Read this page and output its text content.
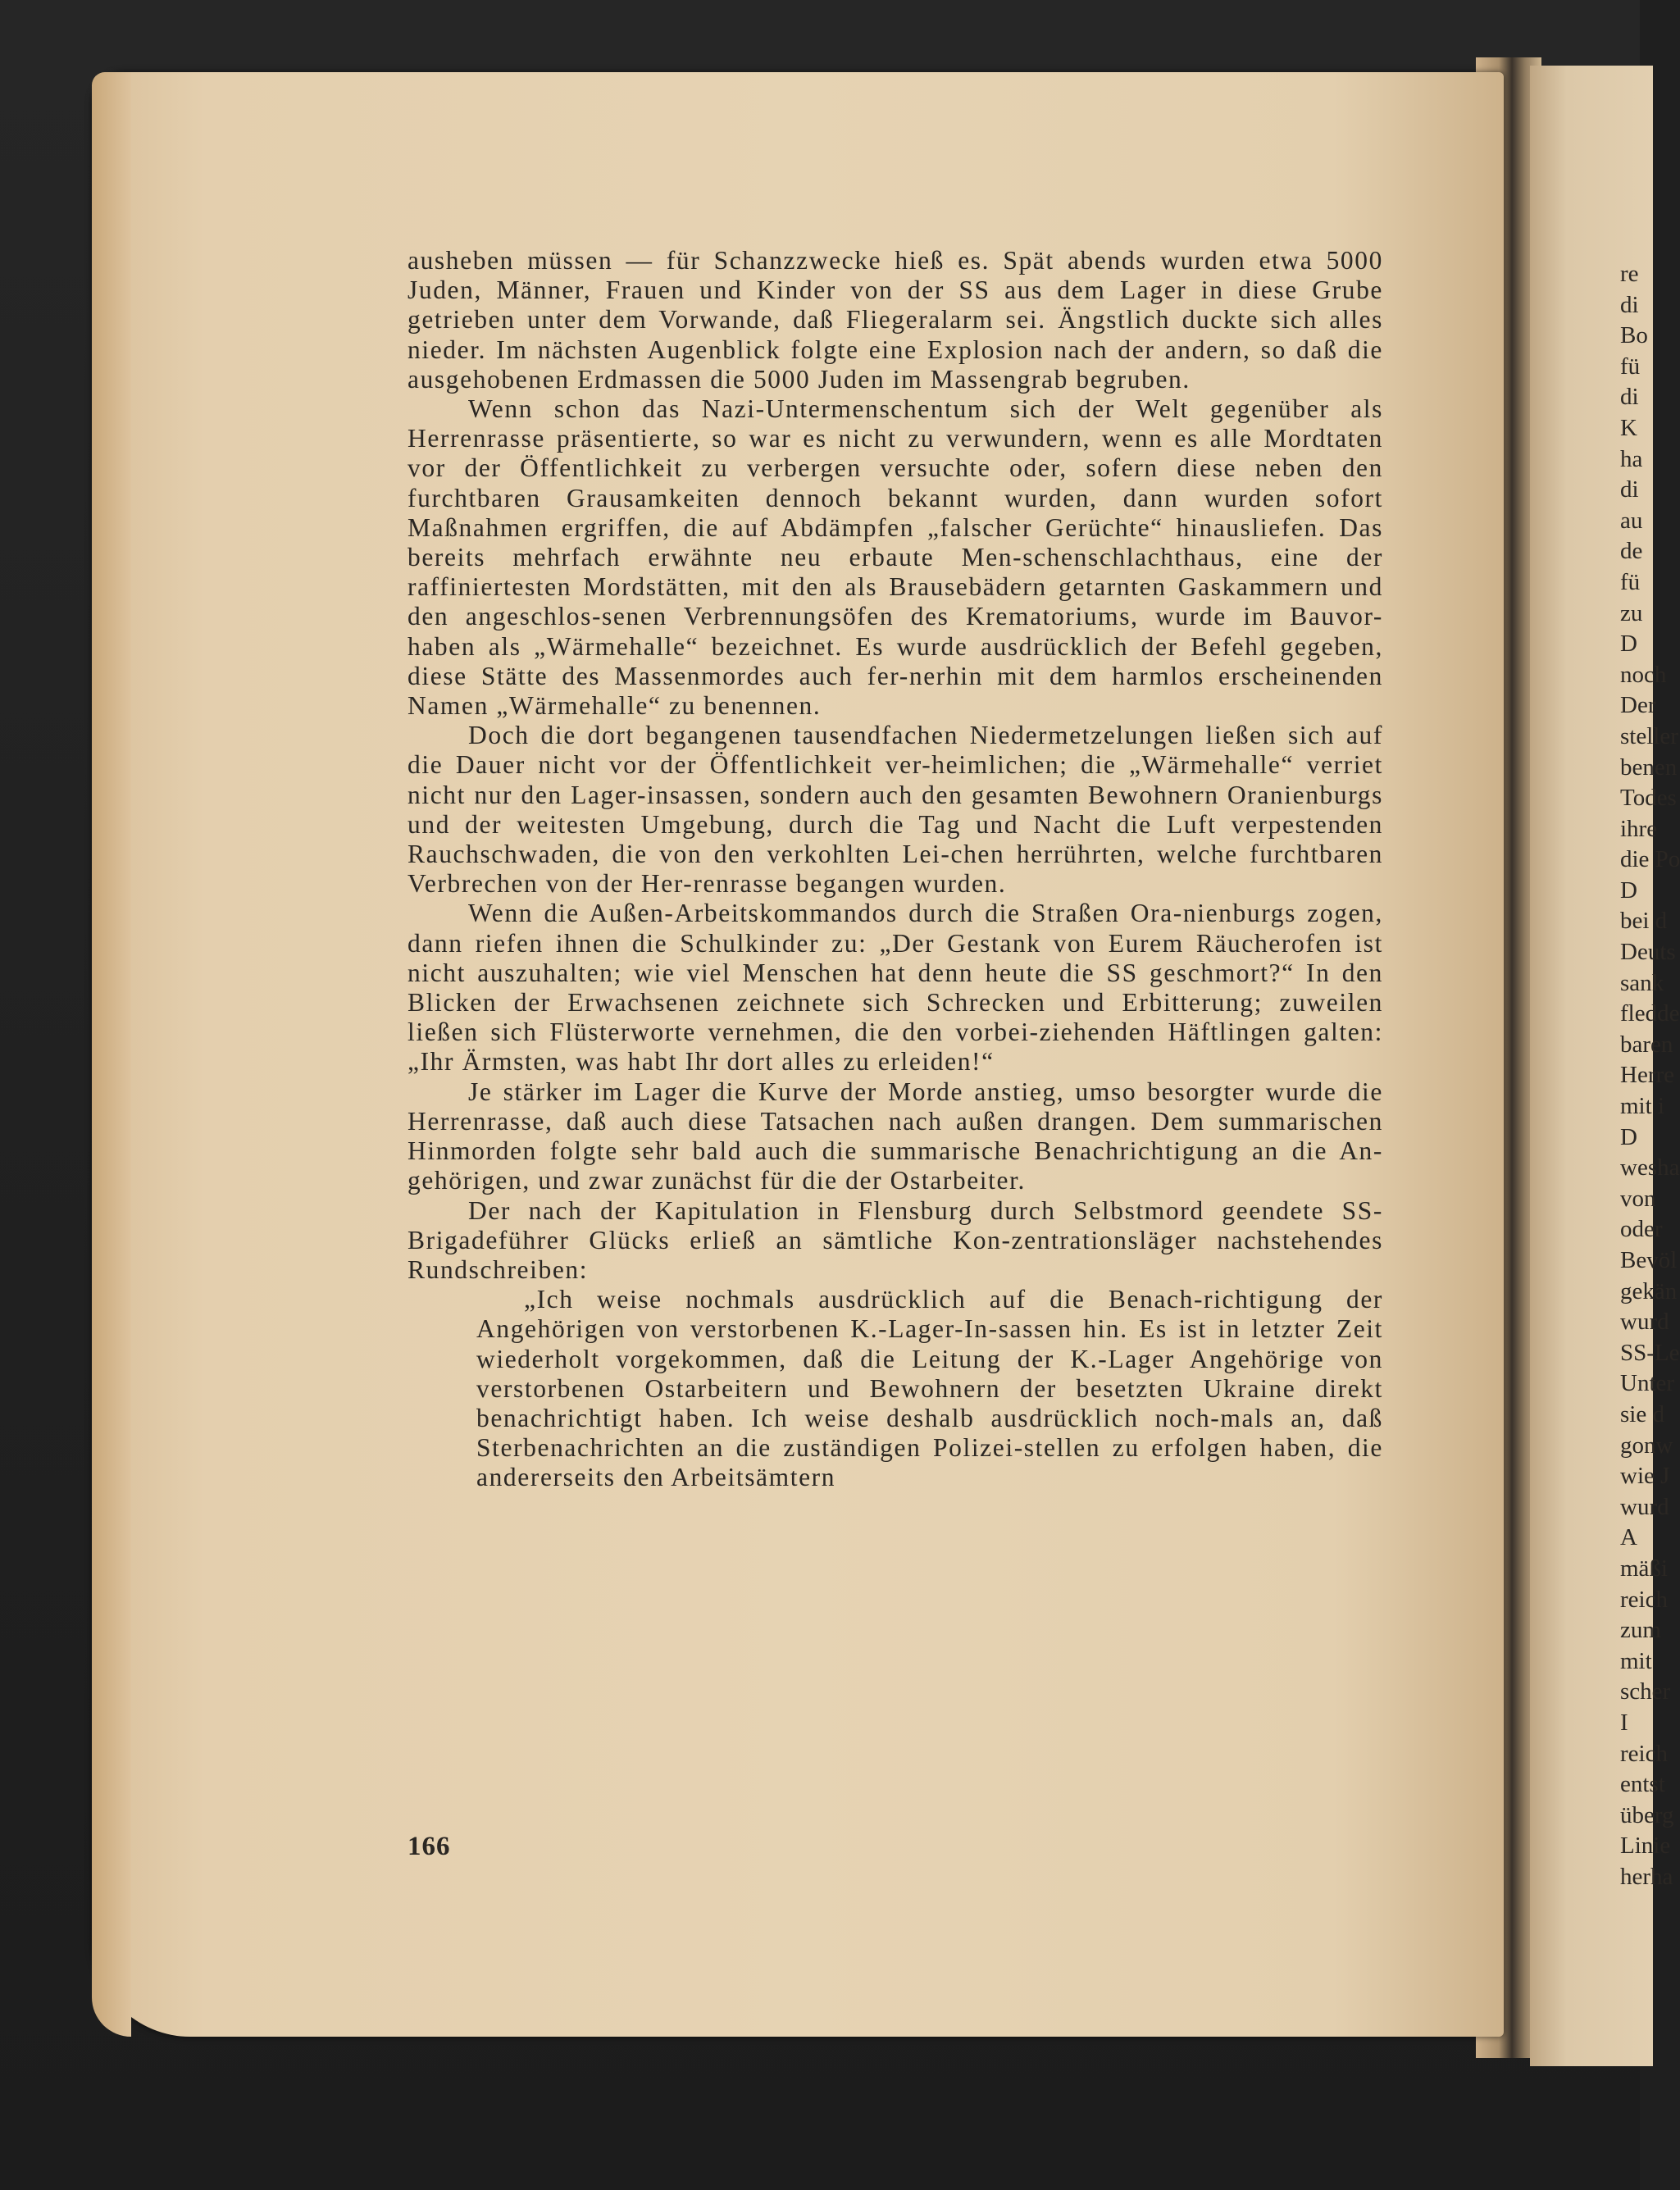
re
di
Bo
fü
di
K
ha
di
au
de
fü
zu
D
noch
Der
steller
benen
Todes
ihre
die Po
D
bei d
Deuts
sank
fledde
baren
Herre
mit i
D
wesha
von
oder
Bevöl
gekän
wurd
SS-Le
Unter
sie d
gonw
wie J
wurd
A
mäßi
reich
zum
mit
scher
I
reich
entst
überg
Linie
herha

ausheben müssen — für Schanzzwecke hieß es. Spät abends wurden etwa 5000 Juden, Männer, Frauen und Kinder von der SS aus dem Lager in diese Grube getrieben unter dem Vorwande, daß Fliegeralarm sei. Ängstlich duckte sich alles nieder. Im nächsten Augenblick folgte eine Explosion nach der andern, so daß die ausgehobenen Erdmassen die 5000 Juden im Massengrab begruben.

Wenn schon das Nazi-Untermenschentum sich der Welt gegenüber als Herrenrasse präsentierte, so war es nicht zu verwundern, wenn es alle Mordtaten vor der Öffentlichkeit zu verbergen versuchte oder, sofern diese neben den furchtbaren Grausamkeiten dennoch bekannt wurden, dann wurden sofort Maßnahmen ergriffen, die auf Abdämpfen „falscher Gerüchte“ hinausliefen. Das bereits mehrfach erwähnte neu erbaute Men-schenschlachthaus, eine der raffiniertesten Mordstätten, mit den als Brausebädern getarnten Gaskammern und den angeschlos-senen Verbrennungsöfen des Krematoriums, wurde im Bauvor-haben als „Wärmehalle“ bezeichnet. Es wurde ausdrücklich der Befehl gegeben, diese Stätte des Massenmordes auch fer-nerhin mit dem harmlos erscheinenden Namen „Wärmehalle“ zu benennen.

Doch die dort begangenen tausendfachen Niedermetzelungen ließen sich auf die Dauer nicht vor der Öffentlichkeit ver-heimlichen; die „Wärmehalle“ verriet nicht nur den Lager-insassen, sondern auch den gesamten Bewohnern Oranienburgs und der weitesten Umgebung, durch die Tag und Nacht die Luft verpestenden Rauchschwaden, die von den verkohlten Lei-chen herrührten, welche furchtbaren Verbrechen von der Her-renrasse begangen wurden.

Wenn die Außen-Arbeitskommandos durch die Straßen Ora-nienburgs zogen, dann riefen ihnen die Schulkinder zu: „Der Gestank von Eurem Räucherofen ist nicht auszuhalten; wie viel Menschen hat denn heute die SS geschmort?“ In den Blicken der Erwachsenen zeichnete sich Schrecken und Erbitterung; zuweilen ließen sich Flüsterworte vernehmen, die den vorbei-ziehenden Häftlingen galten: „Ihr Ärmsten, was habt Ihr dort alles zu erleiden!“

Je stärker im Lager die Kurve der Morde anstieg, umso besorgter wurde die Herrenrasse, daß auch diese Tatsachen nach außen drangen. Dem summarischen Hinmorden folgte sehr bald auch die summarische Benachrichtigung an die An-gehörigen, und zwar zunächst für die der Ostarbeiter.

Der nach der Kapitulation in Flensburg durch Selbstmord geendete SS-Brigadeführer Glücks erließ an sämtliche Kon-zentrationsläger nachstehendes Rundschreiben:

„Ich weise nochmals ausdrücklich auf die Benach-richtigung der Angehörigen von verstorbenen K.-Lager-In-sassen hin. Es ist in letzter Zeit wiederholt vorgekommen, daß die Leitung der K.-Lager Angehörige von verstorbenen Ostarbeitern und Bewohnern der besetzten Ukraine direkt benachrichtigt haben. Ich weise deshalb ausdrücklich noch-mals an, daß Sterbenachrichten an die zuständigen Polizei-stellen zu erfolgen haben, die andererseits den Arbeitsämtern

166
